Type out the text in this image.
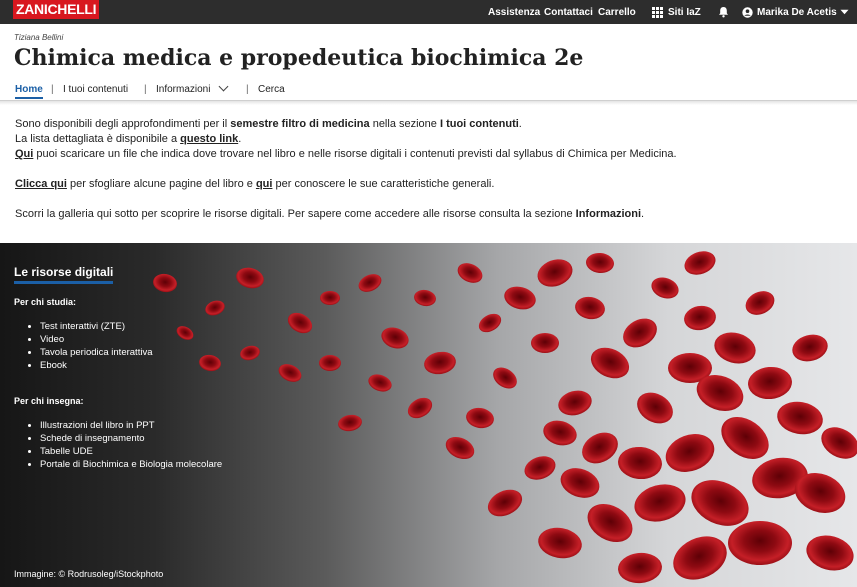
ZANICHELLI	Assistenza Contattaci Carrello	Siti IaZ	Marika De Acetis
Tiziana Bellini
Chimica medica e propedeutica biochimica 2e
Home | I tuoi contenuti | Informazioni	| Cerca

Sono disponibili degli approfondimenti per il semestre filtro di medicina nella sezione I tuoi contenuti.

La lista dettagliata è disponibile a questo link.

Qui puoi scaricare un file che indica dove trovare nel libro e nelle risorse digitali i contenuti previsti dal syllabus di Chimica per Medicina.

Clicca qui per sfogliare alcune pagine del libro e qui per conoscere le sue caratteristiche generali.

Scorri la galleria qui sotto per scoprire le risorse digitali. Per sapere come accedere alle risorse consulta la sezione Informazioni.

Le risorse digitali
Per chi studia:
• Test interattivi (ZTE)
• Video
• Tavola periodica interattiva
• Ebook
Per chi insegna:
• Illustrazioni del libro in PPT
• Schede di insegnamento
• Tabelle UDE
• Portale di Biochimica e Biologia molecolare
Immagine: © Rodrusoleg/iStockphoto
